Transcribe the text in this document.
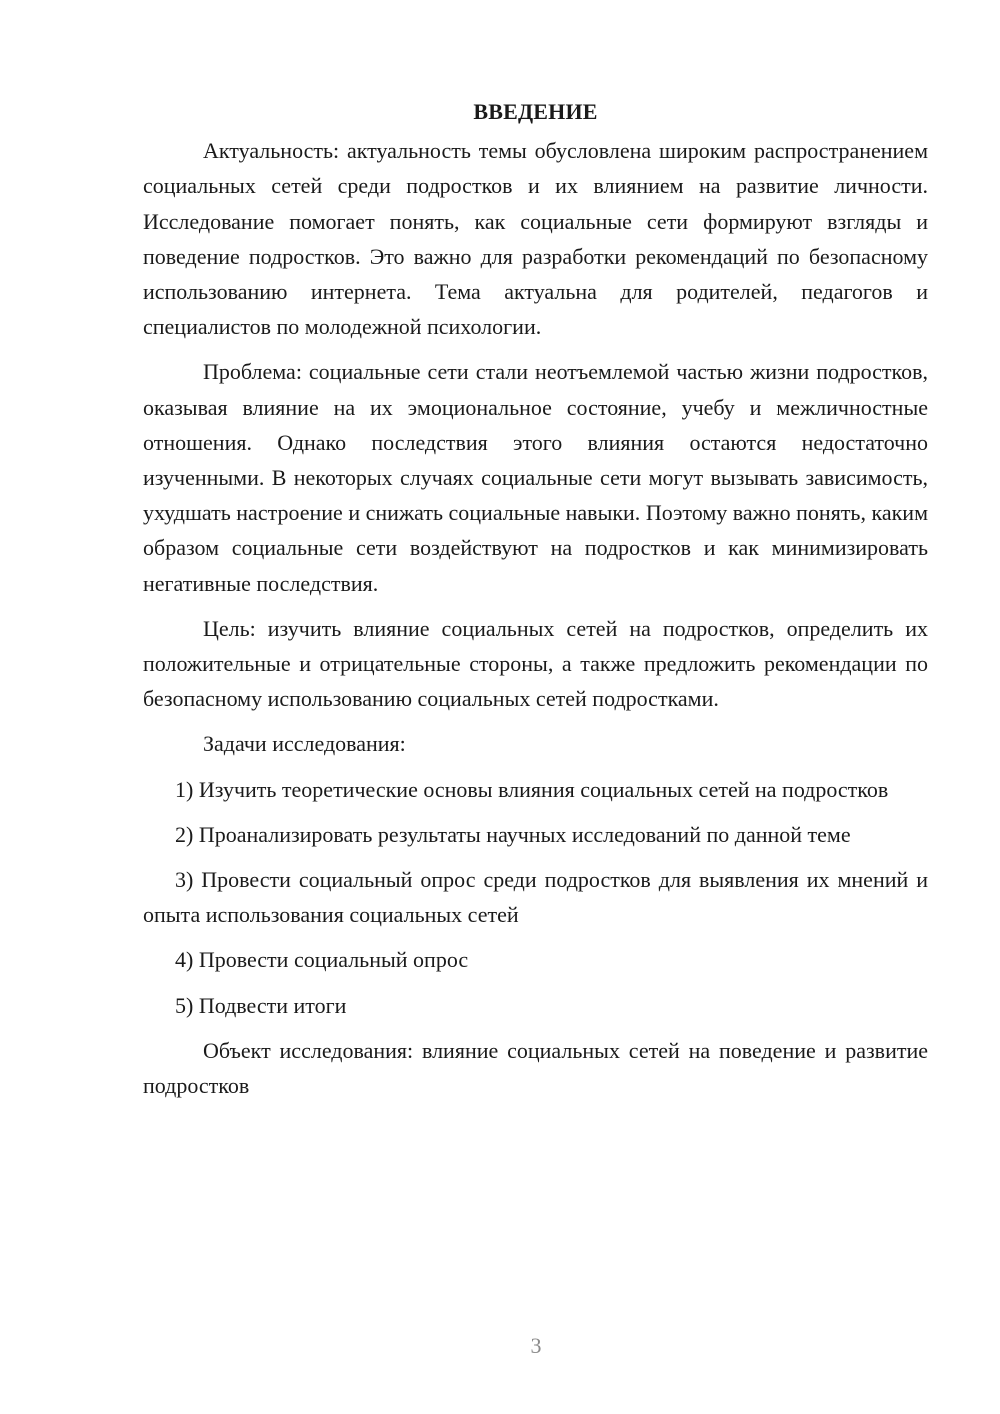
ВВЕДЕНИЕ

Актуальность: актуальность темы обусловлена широким распространением социальных сетей среди подростков и их влиянием на развитие личности. Исследование помогает понять, как социальные сети формируют взгляды и поведение подростков. Это важно для разработки рекомендаций по безопасному использованию интернета. Тема актуальна для родителей, педагогов и специалистов по молодежной психологии.

Проблема: социальные сети стали неотъемлемой частью жизни подростков, оказывая влияние на их эмоциональное состояние, учебу и межличностные отношения. Однако последствия этого влияния остаются недостаточно изученными. В некоторых случаях социальные сети могут вызывать зависимость, ухудшать настроение и снижать социальные навыки. Поэтому важно понять, каким образом социальные сети воздействуют на подростков и как минимизировать негативные последствия.

Цель: изучить влияние социальных сетей на подростков, определить их положительные и отрицательные стороны, а также предложить рекомендации по безопасному использованию социальных сетей подростками.

Задачи исследования:

1) Изучить теоретические основы влияния социальных сетей на подростков

2) Проанализировать результаты научных исследований по данной теме

3) Провести социальный опрос среди подростков для выявления их мнений и опыта использования социальных сетей

4) Провести социальный опрос

5) Подвести итоги

Объект исследования: влияние социальных сетей на поведение и развитие подростков

3
